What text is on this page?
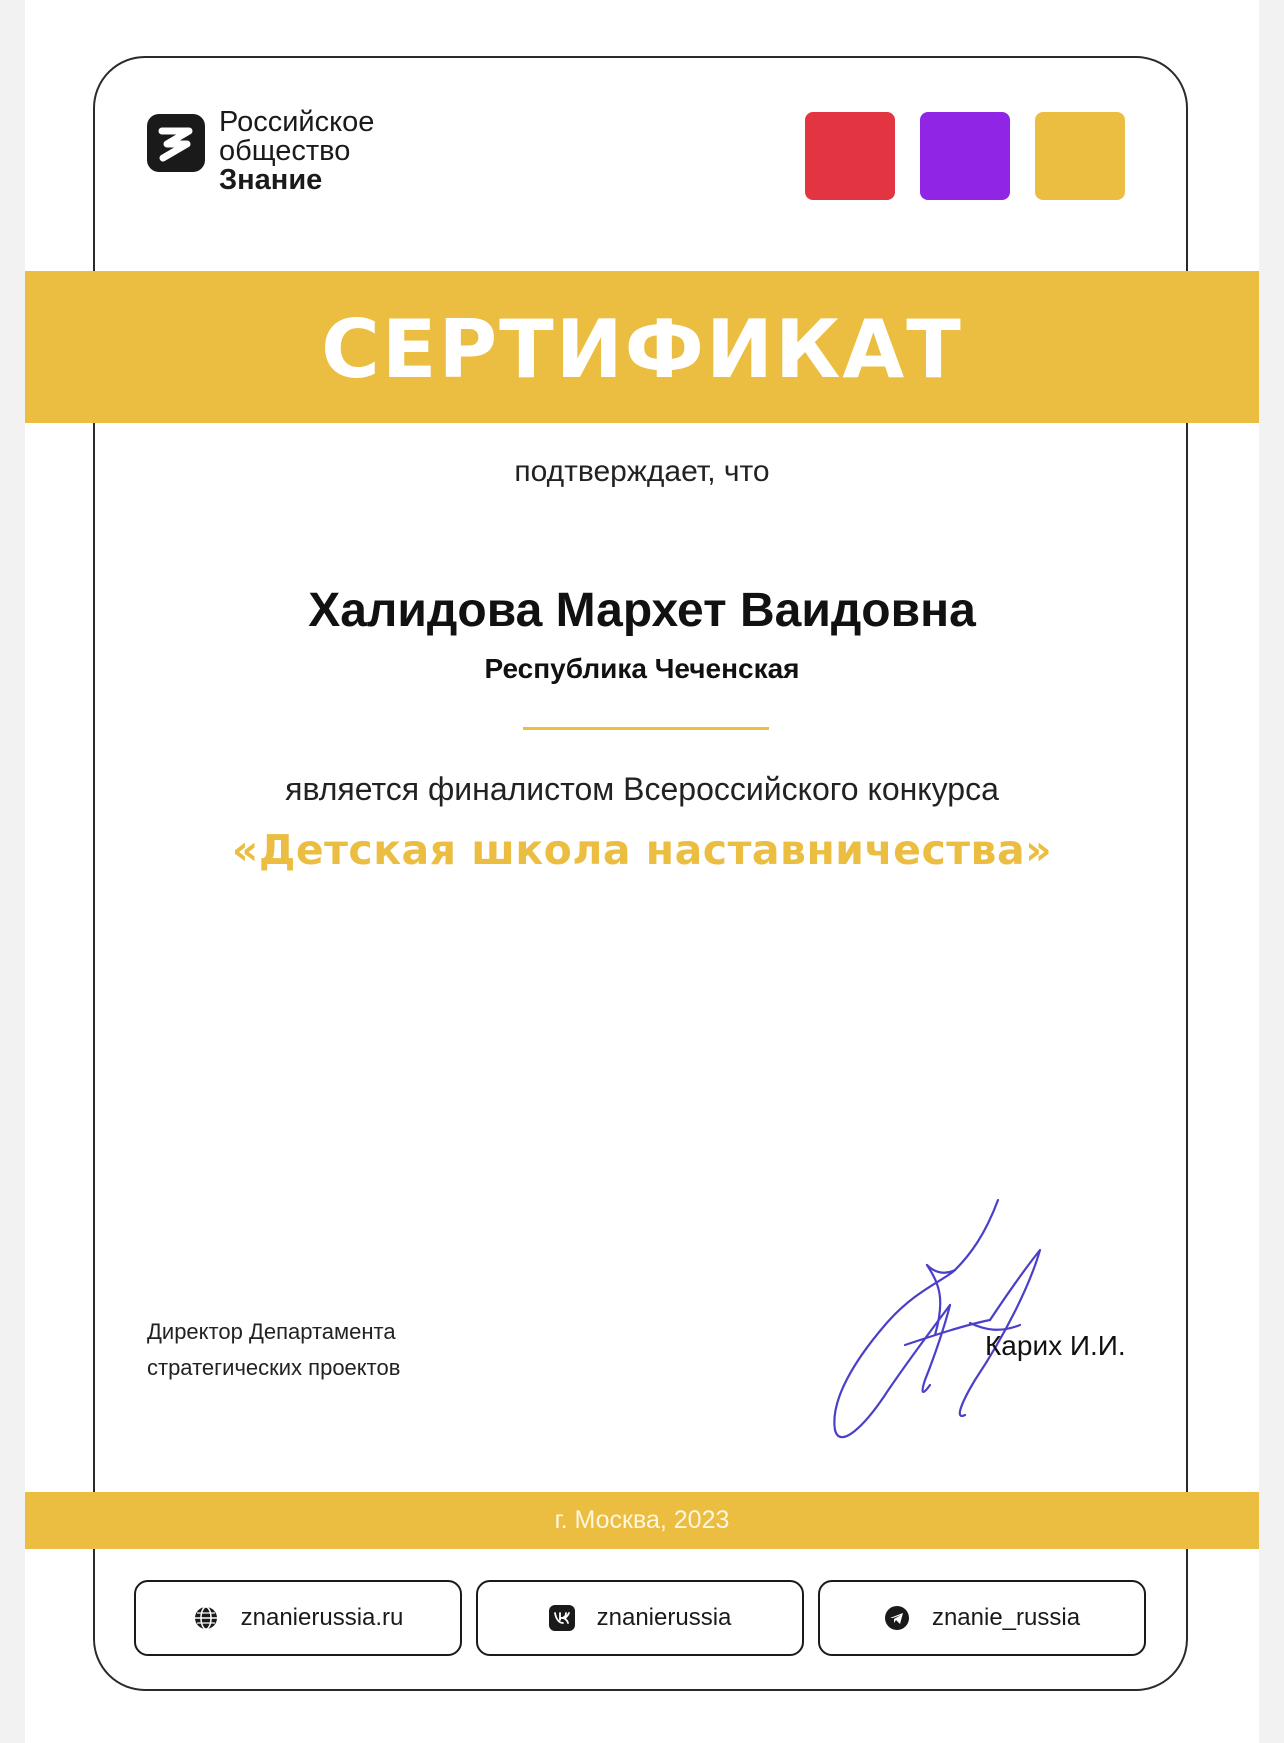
Российское
общество
Знание
СЕРТИФИКАТ
подтверждает, что
Халидова Мархет Ваидовна
Республика Чеченская
является финалистом Всероссийского конкурса
«Детская школа наставничества»
Директор Департамента
стратегических проектов
Карих И.И.
г. Москва, 2023
znanierussia.ru	znanierussia	znanie_russia
